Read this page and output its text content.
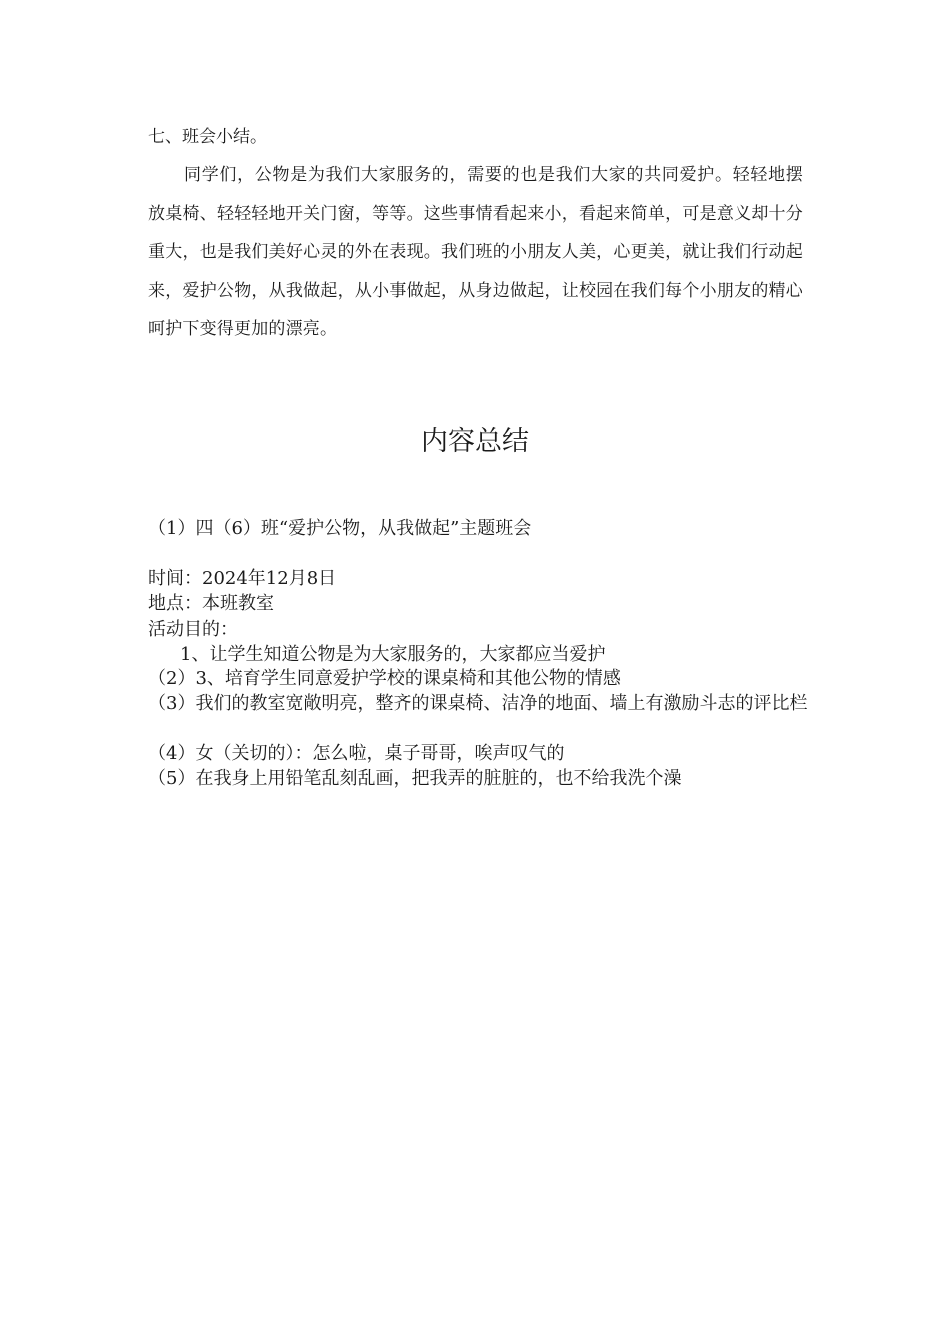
七、班会小结。

同学们，公物是为我们大家服务的，需要的也是我们大家的共同爱护。轻轻地摆放桌椅、轻轻轻地开关门窗，等等。这些事情看起来小，看起来简单，可是意义却十分重大，也是我们美好心灵的外在表现。我们班的小朋友人美，心更美，就让我们行动起来，爱护公物，从我做起，从小事做起，从身边做起，让校园在我们每个小朋友的精心呵护下变得更加的漂亮。

内容总结

（1）四（6）班“爱护公物，从我做起”主题班会

时间：2024年12月8日

地点：本班教室

活动目的：

1、让学生知道公物是为大家服务的，大家都应当爱护

（2）3、培育学生同意爱护学校的课桌椅和其他公物的情感

（3）我们的教室宽敞明亮，整齐的课桌椅、洁净的地面、墙上有激励斗志的评比栏

（4）女（关切的）：怎么啦，桌子哥哥，唉声叹气的

（5）在我身上用铅笔乱刻乱画，把我弄的脏脏的，也不给我洗个澡
